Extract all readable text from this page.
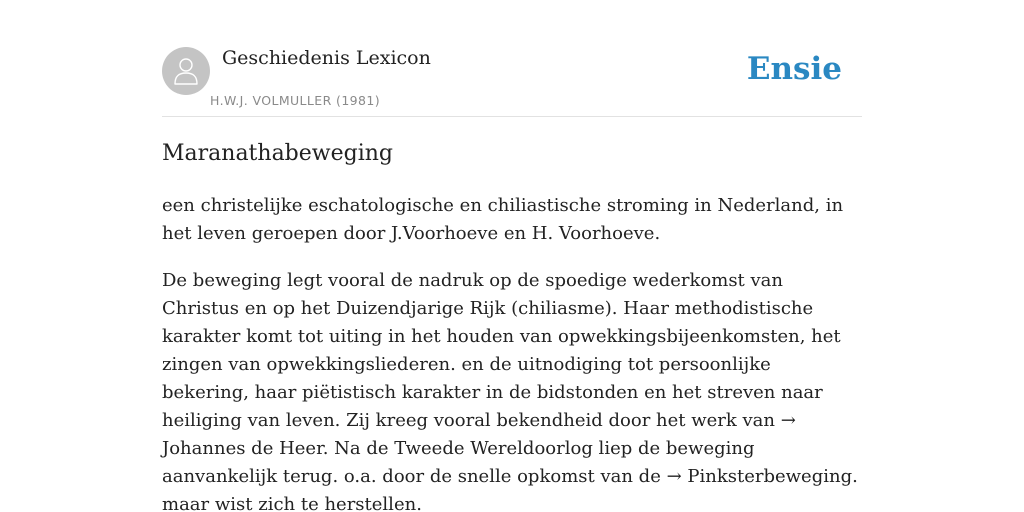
Geschiedenis Lexicon
H.W.J. VOLMULLER (1981)
Ensie
Maranathabeweging

een christelijke eschatologische en chiliastische stroming in Nederland, in het leven geroepen door J.Voorhoeve en H. Voorhoeve.

De beweging legt vooral de nadruk op de spoedige wederkomst van Christus en op het Duizendjarige Rijk (chiliasme). Haar methodistische karakter komt tot uiting in het houden van opwekkingsbijeenkomsten, het zingen van opwekkingsliederen. en de uitnodiging tot persoonlijke bekering, haar piëtistisch karakter in de bidstonden en het streven naar heiliging van leven. Zij kreeg vooral bekendheid door het werk van → Johannes de Heer. Na de Tweede Wereldoorlog liep de beweging aanvankelijk terug. o.a. door de snelle opkomst van de → Pinksterbeweging. maar wist zich te herstellen.
